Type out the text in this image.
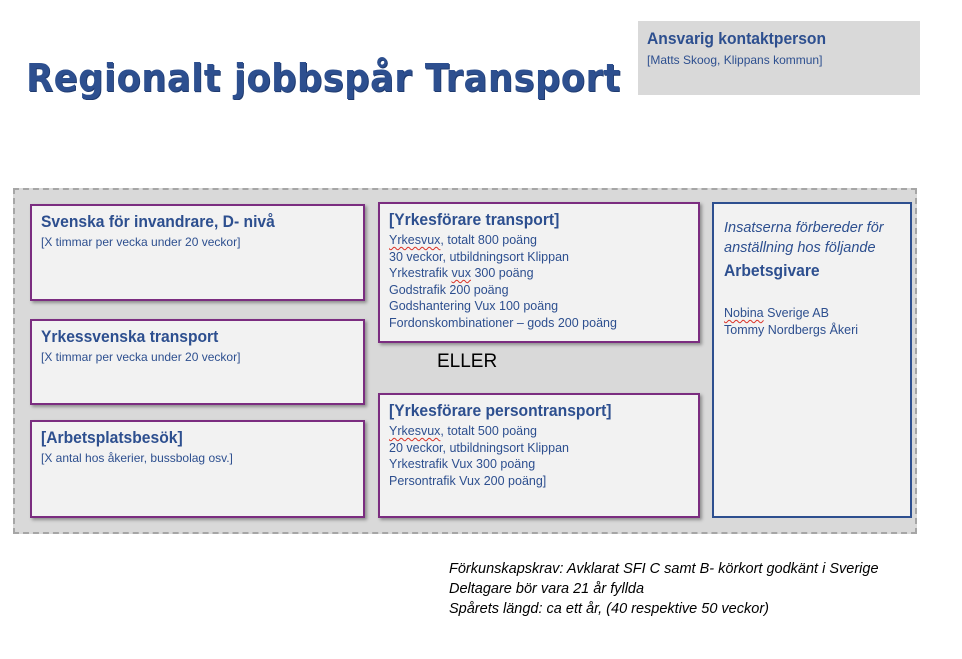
Regionalt jobbspår Transport
Ansvarig kontaktperson
[Matts Skoog, Klippans kommun]
Svenska för invandrare, D- nivå
[X timmar per vecka under 20 veckor]
Yrkessvenska transport
[X timmar per vecka under 20 veckor]
[Arbetsplatsbesök]
[X antal hos åkerier, bussbolag osv.]
[Yrkesförare transport]
Yrkesvux, totalt 800 poäng
30 veckor, utbildningsort Klippan
Yrkestrafik vux 300 poäng
Godstrafik 200 poäng
Godshantering Vux 100 poäng
Fordonskombinationer – gods 200 poäng
ELLER
[Yrkesförare persontransport]
Yrkesvux, totalt 500 poäng
20 veckor, utbildningsort Klippan
Yrkestrafik Vux 300 poäng
Persontrafik Vux 200 poäng]
Insatserna förbereder för anställning hos följande
Arbetsgivare
Nobina Sverige AB
Tommy Nordbergs Åkeri
Förkunskapskrav: Avklarat SFI C samt B- körkort godkänt i Sverige
Deltagare bör vara 21 år fyllda
Spårets längd: ca ett år, (40 respektive 50 veckor)
